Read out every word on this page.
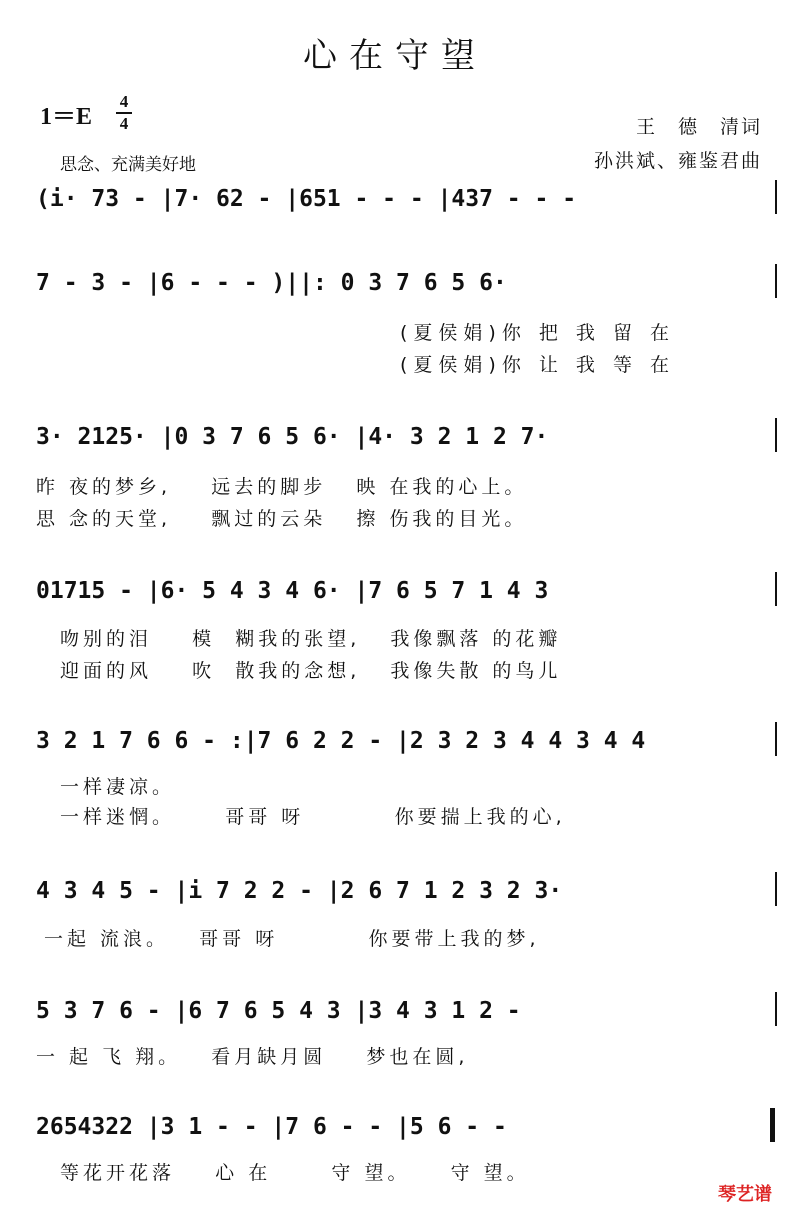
心在守望
1＝E
4
4
思念、充满美好地
王　德　清词
孙洪斌、雍鉴君曲
(i· 73 - |7· 62 - |651 - - - |437 - - -
7 - 3 - |6 - - - )||: 0 3 7 6 5 6·
(夏侯娟)你 把 我 留 在
(夏侯娟)你 让 我 等 在
3· 2125· |0 3 7 6 5 6· |4· 3 2 1 2 7·
昨 夜的梦乡,    远去的脚步   映 在我的心上。
思 念的天堂,    飘过的云朵   擦 伤我的目光。
01715 - |6· 5 4 3 4 6· |7 6 5 7 1 4 3
吻别的泪    模  糊我的张望,   我像飘落 的花瓣
迎面的风    吹  散我的念想,   我像失散 的鸟儿
3 2 1 7 6 6 - :|7 6 2 2 - |2 3 2 3 4 4 3 4 4
一样凄凉。
一样迷惘。     哥哥 呀         你要揣上我的心,
4 3 4 5 - |i 7 2 2 - |2 6 7 1 2 3 2 3·
一起 流浪。   哥哥 呀         你要带上我的梦,
5 3 7 6 - |6 7 6 5 4 3 |3 4 3 1 2 -
一 起 飞 翔。   看月缺月圆    梦也在圆,
2654322 |3 1 - - |7 6 - - |5 6 - -
等花开花落    心 在      守 望。    守 望。
琴艺谱
